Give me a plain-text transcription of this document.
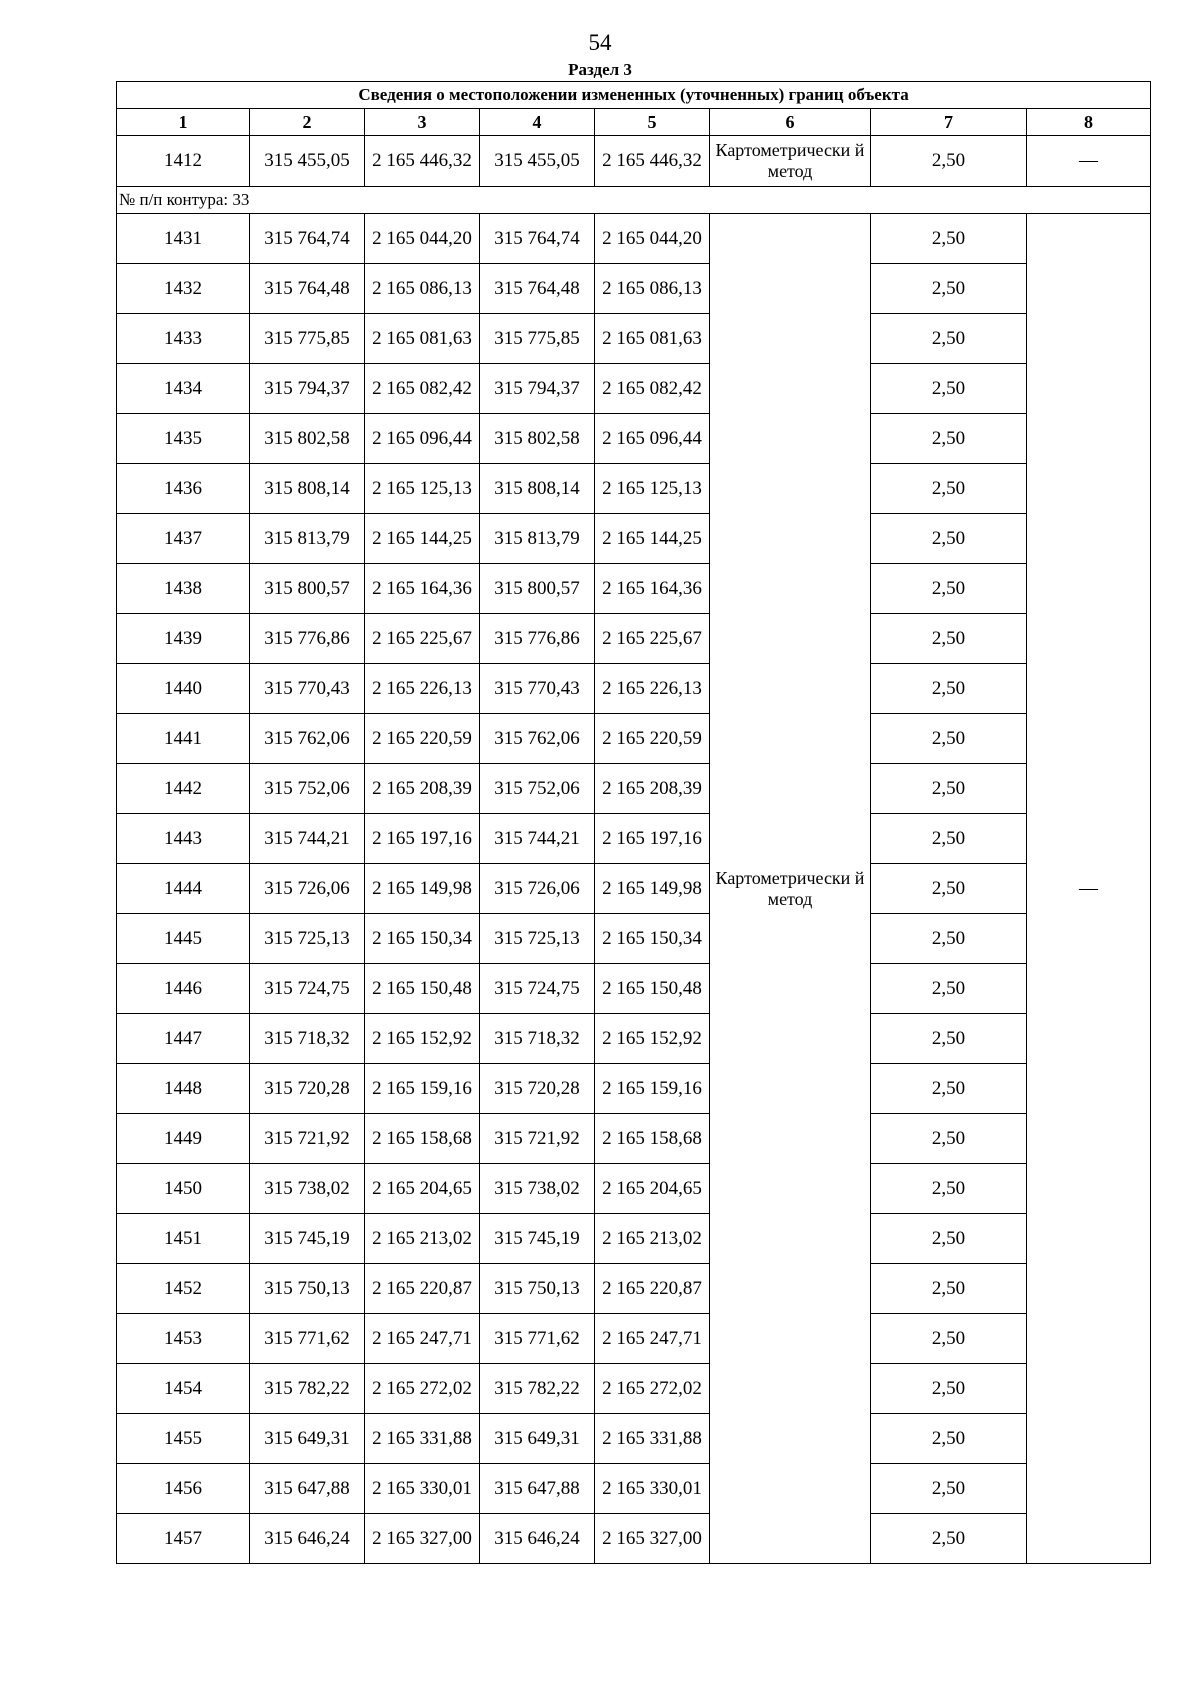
54
Раздел 3
Сведения о местоположении измененных (уточненных) границ объекта							
1	2	3	4	5	6	7	8
1412	315 455,05	2 165 446,32	315 455,05	2 165 446,32	Картометрически й метод	2,50	—
№ п/п контура: 33							
1431	315 764,74	2 165 044,20	315 764,74	2 165 044,20	Картометрически й метод	2,50	—
1432	315 764,48	2 165 086,13	315 764,48	2 165 086,13		2,50	
1433	315 775,85	2 165 081,63	315 775,85	2 165 081,63		2,50	
1434	315 794,37	2 165 082,42	315 794,37	2 165 082,42		2,50	
1435	315 802,58	2 165 096,44	315 802,58	2 165 096,44		2,50	
1436	315 808,14	2 165 125,13	315 808,14	2 165 125,13		2,50	
1437	315 813,79	2 165 144,25	315 813,79	2 165 144,25		2,50	
1438	315 800,57	2 165 164,36	315 800,57	2 165 164,36		2,50	
1439	315 776,86	2 165 225,67	315 776,86	2 165 225,67		2,50	
1440	315 770,43	2 165 226,13	315 770,43	2 165 226,13		2,50	
1441	315 762,06	2 165 220,59	315 762,06	2 165 220,59		2,50	
1442	315 752,06	2 165 208,39	315 752,06	2 165 208,39		2,50	
1443	315 744,21	2 165 197,16	315 744,21	2 165 197,16		2,50	
1444	315 726,06	2 165 149,98	315 726,06	2 165 149,98		2,50	
1445	315 725,13	2 165 150,34	315 725,13	2 165 150,34		2,50	
1446	315 724,75	2 165 150,48	315 724,75	2 165 150,48		2,50	
1447	315 718,32	2 165 152,92	315 718,32	2 165 152,92		2,50	
1448	315 720,28	2 165 159,16	315 720,28	2 165 159,16		2,50	
1449	315 721,92	2 165 158,68	315 721,92	2 165 158,68		2,50	
1450	315 738,02	2 165 204,65	315 738,02	2 165 204,65		2,50	
1451	315 745,19	2 165 213,02	315 745,19	2 165 213,02		2,50	
1452	315 750,13	2 165 220,87	315 750,13	2 165 220,87		2,50	
1453	315 771,62	2 165 247,71	315 771,62	2 165 247,71		2,50	
1454	315 782,22	2 165 272,02	315 782,22	2 165 272,02		2,50	
1455	315 649,31	2 165 331,88	315 649,31	2 165 331,88		2,50	
1456	315 647,88	2 165 330,01	315 647,88	2 165 330,01		2,50	
1457	315 646,24	2 165 327,00	315 646,24	2 165 327,00		2,50	
